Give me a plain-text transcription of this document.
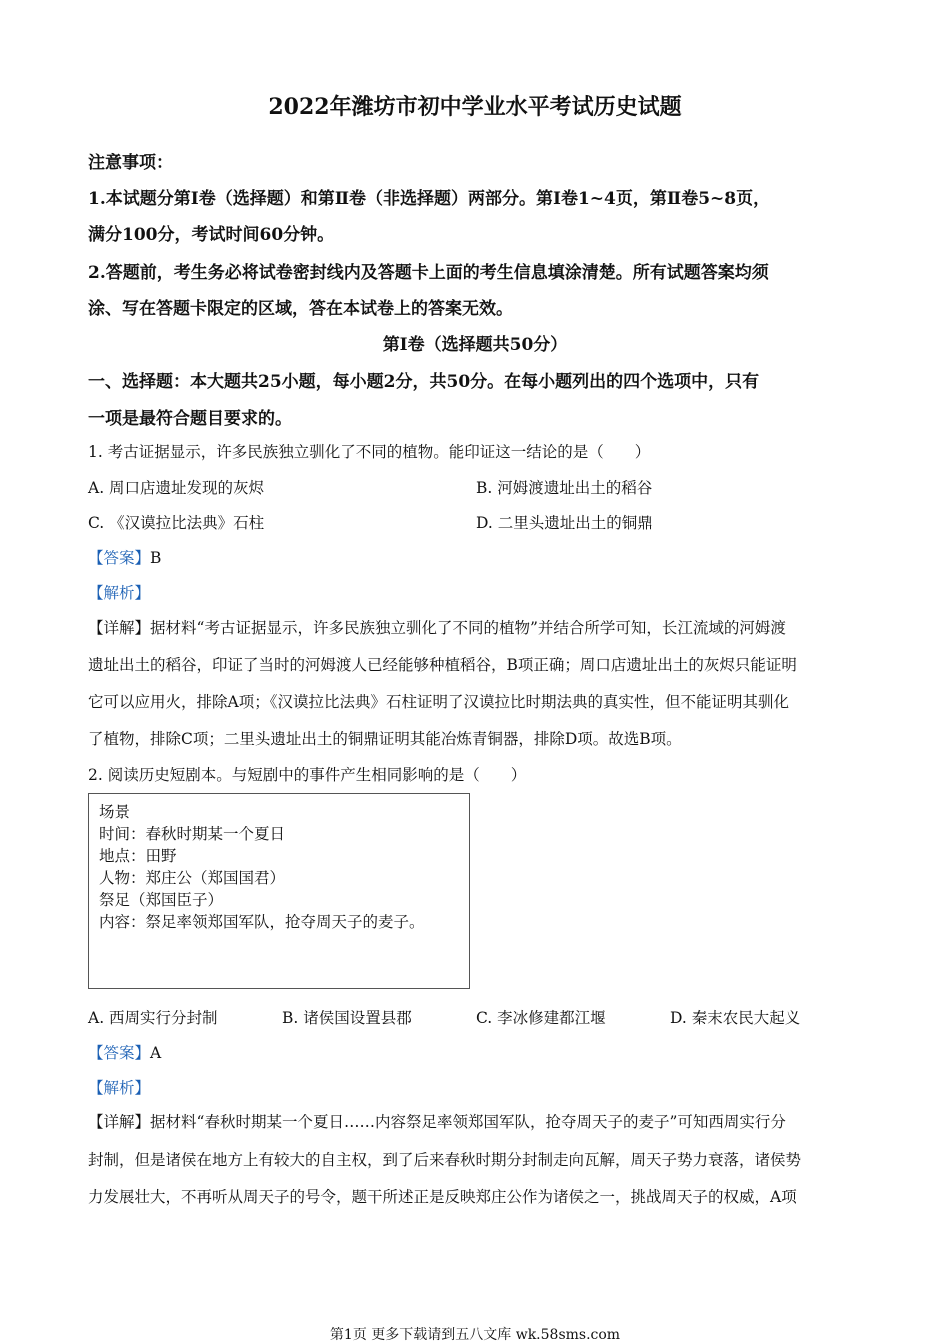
2022年潍坊市初中学业水平考试历史试题
注意事项：
1.本试题分第Ⅰ卷（选择题）和第Ⅱ卷（非选择题）两部分。第Ⅰ卷1~4页，第Ⅱ卷5~8页，
满分100分，考试时间60分钟。
2.答题前，考生务必将试卷密封线内及答题卡上面的考生信息填涂清楚。所有试题答案均须
涂、写在答题卡限定的区域，答在本试卷上的答案无效。
第Ⅰ卷（选择题共50分）
一、选择题：本大题共25小题，每小题2分，共50分。在每小题列出的四个选项中，只有
一项是最符合题目要求的。
1. 考古证据显示，许多民族独立驯化了不同的植物。能印证这一结论的是（　　）
A. 周口店遗址发现的灰烬	B. 河姆渡遗址出土的稻谷
C. 《汉谟拉比法典》石柱	D. 二里头遗址出土的铜鼎
【答案】B
【解析】
【详解】据材料“考古证据显示，许多民族独立驯化了不同的植物”并结合所学可知，长江流域的河姆渡
遗址出土的稻谷，印证了当时的河姆渡人已经能够种植稻谷，B项正确；周口店遗址出土的灰烬只能证明
它可以应用火，排除A项；《汉谟拉比法典》石柱证明了汉谟拉比时期法典的真实性，但不能证明其驯化
了植物，排除C项；二里头遗址出土的铜鼎证明其能冶炼青铜器，排除D项。故选B项。
2. 阅读历史短剧本。与短剧中的事件产生相同影响的是（　　）
场景
时间：春秋时期某一个夏日
地点：田野
人物：郑庄公（郑国国君）
祭足（郑国臣子）
内容：祭足率领郑国军队，抢夺周天子的麦子。
A. 西周实行分封制	B. 诸侯国设置县郡	C. 李冰修建都江堰	D. 秦末农民大起义
【答案】A
【解析】
【详解】据材料“春秋时期某一个夏日……内容祭足率领郑国军队，抢夺周天子的麦子”可知西周实行分
封制，但是诸侯在地方上有较大的自主权，到了后来春秋时期分封制走向瓦解，周天子势力衰落，诸侯势
力发展壮大，不再听从周天子的号令，题干所述正是反映郑庄公作为诸侯之一，挑战周天子的权威，A项
第1页 更多下载请到五八文库 wk.58sms.com
